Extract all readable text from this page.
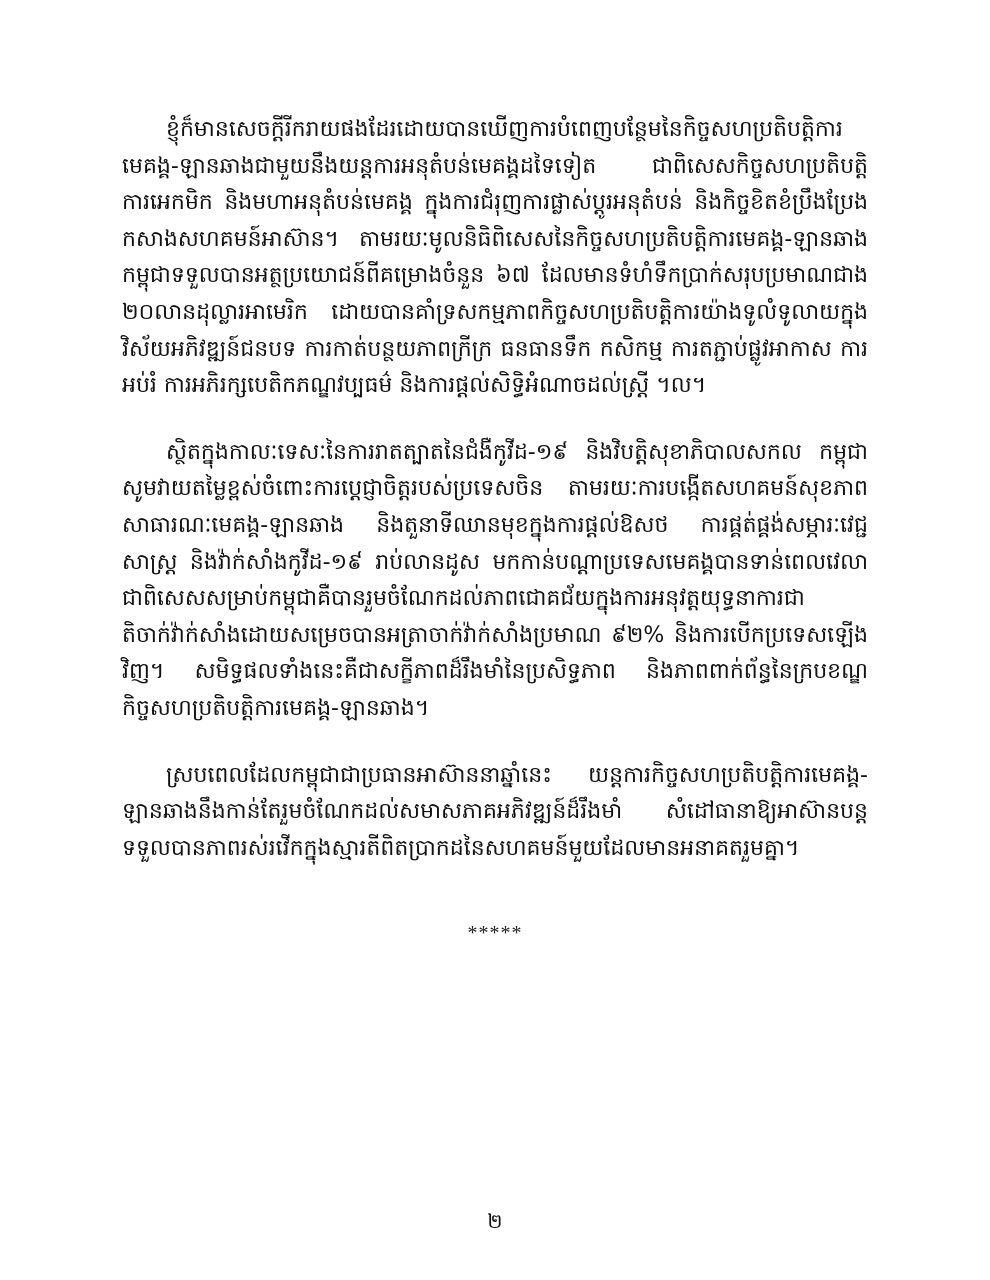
ខ្ញុំក៏មានសេចក្តីរីករាយផងដែរដោយបានឃើញការបំពេញបន្ថែមនៃកិច្ចសហប្រតិបត្តិការមេគង្គ-ឡានឆាងជាមួយនឹងយន្តការអនុតំបន់មេគង្គដទៃទៀត ជាពិសេសកិច្ចសហប្រតិបត្តិការអេកមិក និងមហាអនុតំបន់មេគង្គ ក្នុងការជំរុញការផ្លាស់ប្តូរអនុតំបន់ និងកិច្ចខិតខំប្រឹងប្រែងកសាងសហគមន៍អាស៊ាន។ តាមរយៈមូលនិធិពិសេសនៃកិច្ចសហប្រតិបត្តិការមេគង្គ-ឡានឆាង កម្ពុជាទទួលបានអត្ថប្រយោជន៍ពីគម្រោងចំនួន ៦៧ ដែលមានទំហំទឹកប្រាក់សរុបប្រមាណជាង ២០លានដុល្លារអាមេរិក ដោយបានគាំទ្រសកម្មភាពកិច្ចសហប្រតិបត្តិការយ៉ាងទូលំទូលាយក្នុងវិស័យអភិវឌ្ឍន៍ជនបទ ការកាត់បន្ថយភាពក្រីក្រ ធនធានទឹក កសិកម្ម ការតភ្ជាប់ផ្លូវអាកាស ការអប់រំ ការអភិរក្សបេតិកភណ្ឌវប្បធម៌ និងការផ្តល់សិទ្ធិអំណាចដល់ស្ត្រី ។ល។

ស្ថិតក្នុងកាលៈទេសៈនៃការរាតត្បាតនៃជំងឺកូវីដ-១៩ និងវិបត្តិសុខាភិបាលសកល កម្ពុជាសូមវាយតម្លៃខ្ពស់ចំពោះការប្តេជ្ញាចិត្តរបស់ប្រទេសចិន តាមរយៈការបង្កើតសហគមន៍សុខភាពសាធារណៈមេគង្គ-ឡានឆាង និងតួនាទីឈានមុខក្នុងការផ្តល់ឱសថ ការផ្គត់ផ្គង់សម្ភារៈវេជ្ជសាស្ត្រ និងវ៉ាក់សាំងកូវីដ-១៩ រាប់លានដូស មកកាន់បណ្តាប្រទេសមេគង្គបានទាន់ពេលវេលា ជាពិសេសសម្រាប់កម្ពុជាគឺបានរួមចំណែកដល់ភាពជោគជ័យក្នុងការអនុវត្តយុទ្ធនាការជាតិចាក់វ៉ាក់សាំងដោយសម្រេចបានអត្រាចាក់វ៉ាក់សាំងប្រមាណ ៩២% និងការបើកប្រទេសឡើងវិញ។ សមិទ្ធផលទាំងនេះគឺជាសក្ខីភាពដ៏រឹងមាំនៃប្រសិទ្ធភាព និងភាពពាក់ព័ន្ធនៃក្របខណ្ឌកិច្ចសហប្រតិបត្តិការមេគង្គ-ឡានឆាង។

ស្របពេលដែលកម្ពុជាជាប្រធានអាស៊ាននាឆ្នាំនេះ យន្តការកិច្ចសហប្រតិបត្តិការមេគង្គ-ឡានឆាងនឹងកាន់តែរួមចំណែកដល់សមាសភាគអភិវឌ្ឍន៍ដ៏រឹងមាំ សំដៅធានាឱ្យអាស៊ានបន្តទទួលបានភាពរស់រវើកក្នុងស្មារតីពិតប្រាកដនៃសហគមន៍មួយដែលមានអនាគតរួមគ្នា។

*****
២
